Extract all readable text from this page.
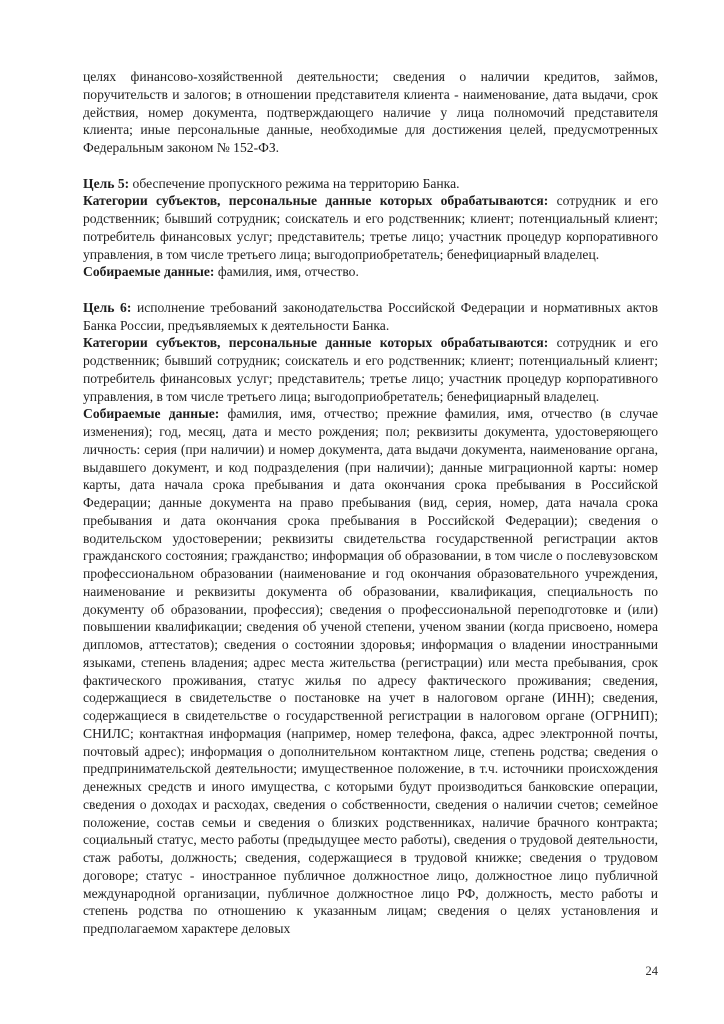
целях финансово-хозяйственной деятельности; сведения о наличии кредитов, займов, поручительств и залогов; в отношении представителя клиента - наименование, дата выдачи, срок действия, номер документа, подтверждающего наличие у лица полномочий представителя клиента; иные персональные данные, необходимые для достижения целей, предусмотренных Федеральным законом № 152-ФЗ.

Цель 5: обеспечение пропускного режима на территорию Банка.

Категории субъектов, персональные данные которых обрабатываются: сотрудник и его родственник; бывший сотрудник; соискатель и его родственник; клиент; потенциальный клиент; потребитель финансовых услуг; представитель; третье лицо; участник процедур корпоративного управления, в том числе третьего лица; выгодоприобретатель; бенефициарный владелец.

Собираемые данные: фамилия, имя, отчество.

Цель 6: исполнение требований законодательства Российской Федерации и нормативных актов Банка России, предъявляемых к деятельности Банка.

Категории субъектов, персональные данные которых обрабатываются: сотрудник и его родственник; бывший сотрудник; соискатель и его родственник; клиент; потенциальный клиент; потребитель финансовых услуг; представитель; третье лицо; участник процедур корпоративного управления, в том числе третьего лица; выгодоприобретатель; бенефициарный владелец.

Собираемые данные: фамилия, имя, отчество; прежние фамилия, имя, отчество (в случае изменения); год, месяц, дата и место рождения; пол; реквизиты документа, удостоверяющего личность: серия (при наличии) и номер документа, дата выдачи документа, наименование органа, выдавшего документ, и код подразделения (при наличии); данные миграционной карты: номер карты, дата начала срока пребывания и дата окончания срока пребывания в Российской Федерации; данные документа на право пребывания (вид, серия, номер, дата начала срока пребывания и дата окончания срока пребывания в Российской Федерации); сведения о водительском удостоверении; реквизиты свидетельства государственной регистрации актов гражданского состояния; гражданство; информация об образовании, в том числе о послевузовском профессиональном образовании (наименование и год окончания образовательного учреждения, наименование и реквизиты документа об образовании, квалификация, специальность по документу об образовании, профессия); сведения о профессиональной переподготовке и (или) повышении квалификации; сведения об ученой степени, ученом звании (когда присвоено, номера дипломов, аттестатов); сведения о состоянии здоровья; информация о владении иностранными языками, степень владения; адрес места жительства (регистрации) или места пребывания, срок фактического проживания, статус жилья по адресу фактического проживания; сведения, содержащиеся в свидетельстве о постановке на учет в налоговом органе (ИНН); сведения, содержащиеся в свидетельстве о государственной регистрации в налоговом органе (ОГРНИП); СНИЛС; контактная информация (например, номер телефона, факса, адрес электронной почты, почтовый адрес); информация о дополнительном контактном лице, степень родства; сведения о предпринимательской деятельности; имущественное положение, в т.ч. источники происхождения денежных средств и иного имущества, с которыми будут производиться банковские операции, сведения о доходах и расходах, сведения о собственности, сведения о наличии счетов; семейное положение, состав семьи и сведения о близких родственниках, наличие брачного контракта; социальный статус, место работы (предыдущее место работы), сведения о трудовой деятельности, стаж работы, должность; сведения, содержащиеся в трудовой книжке; сведения о трудовом договоре; статус - иностранное публичное должностное лицо, должностное лицо публичной международной организации, публичное должностное лицо РФ, должность, место работы и степень родства по отношению к указанным лицам; сведения о целях установления и предполагаемом характере деловых

24
